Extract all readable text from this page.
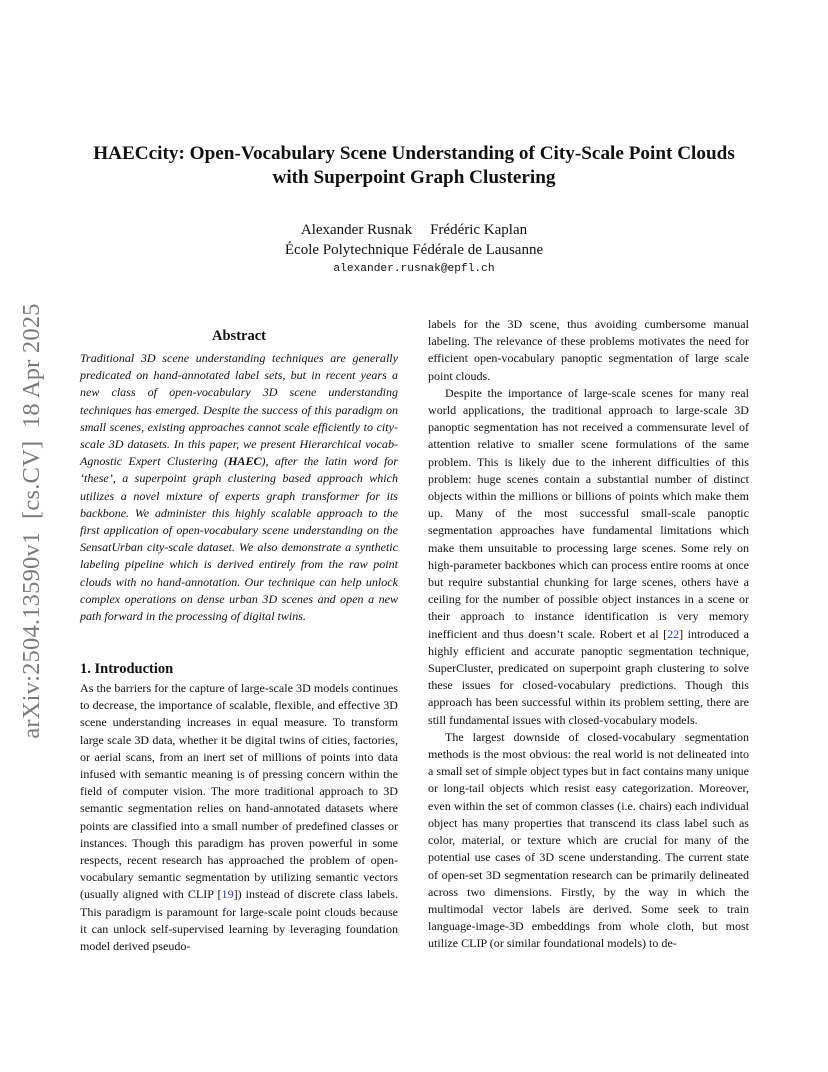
arXiv:2504.13590v1  [cs.CV]  18 Apr 2025
HAECcity: Open-Vocabulary Scene Understanding of City-Scale Point Clouds
with Superpoint Graph Clustering
Alexander Rusnak Frédéric Kaplan
École Polytechnique Fédérale de Lausanne
alexander.rusnak@epfl.ch
Abstract

Traditional 3D scene understanding techniques are generally predicated on hand-annotated label sets, but in recent years a new class of open-vocabulary 3D scene understanding techniques has emerged. Despite the success of this paradigm on small scenes, existing approaches cannot scale efficiently to city-scale 3D datasets. In this paper, we present Hierarchical vocab-Agnostic Expert Clustering (HAEC), after the latin word for ‘these’, a superpoint graph clustering based approach which utilizes a novel mixture of experts graph transformer for its backbone. We administer this highly scalable approach to the first application of open-vocabulary scene understanding on the SensatUrban city-scale dataset. We also demonstrate a synthetic labeling pipeline which is derived entirely from the raw point clouds with no hand-annotation. Our technique can help unlock complex operations on dense urban 3D scenes and open a new path forward in the processing of digital twins.

1. Introduction

As the barriers for the capture of large-scale 3D models continues to decrease, the importance of scalable, flexible, and effective 3D scene understanding increases in equal measure. To transform large scale 3D data, whether it be digital twins of cities, factories, or aerial scans, from an inert set of millions of points into data infused with semantic meaning is of pressing concern within the field of computer vision. The more traditional approach to 3D semantic segmentation relies on hand-annotated datasets where points are classified into a small number of predefined classes or instances. Though this paradigm has proven powerful in some respects, recent research has approached the problem of open-vocabulary semantic segmentation by utilizing semantic vectors (usually aligned with CLIP [19]) instead of discrete class labels. This paradigm is paramount for large-scale point clouds because it can unlock self-supervised learning by leveraging foundation model derived pseudo-

labels for the 3D scene, thus avoiding cumbersome manual labeling. The relevance of these problems motivates the need for efficient open-vocabulary panoptic segmentation of large scale point clouds.

Despite the importance of large-scale scenes for many real world applications, the traditional approach to large-scale 3D panoptic segmentation has not received a commensurate level of attention relative to smaller scene formulations of the same problem. This is likely due to the inherent difficulties of this problem: huge scenes contain a substantial number of distinct objects within the millions or billions of points which make them up. Many of the most successful small-scale panoptic segmentation approaches have fundamental limitations which make them unsuitable to processing large scenes. Some rely on high-parameter backbones which can process entire rooms at once but require substantial chunking for large scenes, others have a ceiling for the number of possible object instances in a scene or their approach to instance identification is very memory inefficient and thus doesn’t scale. Robert et al [22] introduced a highly efficient and accurate panoptic segmentation technique, SuperCluster, predicated on superpoint graph clustering to solve these issues for closed-vocabulary predictions. Though this approach has been successful within its problem setting, there are still fundamental issues with closed-vocabulary models.

The largest downside of closed-vocabulary segmentation methods is the most obvious: the real world is not delineated into a small set of simple object types but in fact contains many unique or long-tail objects which resist easy categorization. Moreover, even within the set of common classes (i.e. chairs) each individual object has many properties that transcend its class label such as color, material, or texture which are crucial for many of the potential use cases of 3D scene understanding. The current state of open-set 3D segmentation research can be primarily delineated across two dimensions. Firstly, by the way in which the multimodal vector labels are derived. Some seek to train language-image-3D embeddings from whole cloth, but most utilize CLIP (or similar foundational models) to de-
